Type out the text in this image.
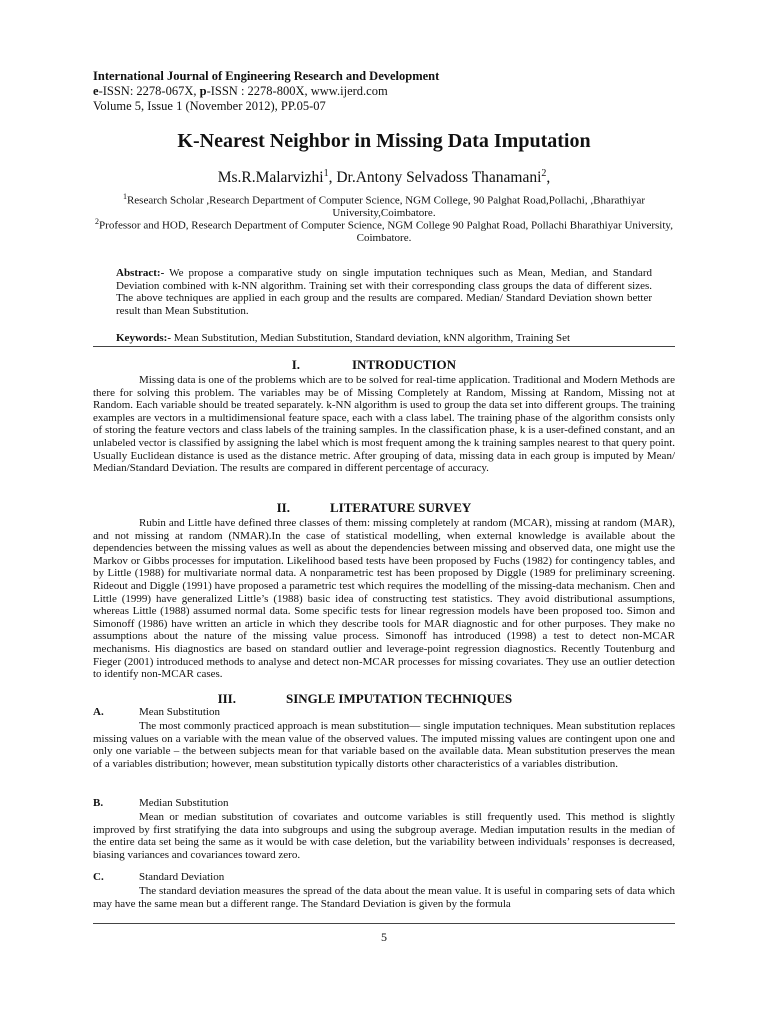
International Journal of Engineering Research and Development
e-ISSN: 2278-067X, p-ISSN : 2278-800X, www.ijerd.com
Volume 5, Issue 1 (November 2012), PP.05-07
K-Nearest Neighbor in Missing Data Imputation
Ms.R.Malarvizhi$^1$, Dr.Antony Selvadoss Thanamani$^2$,
$^1$Research Scholar ,Research Department of Computer Science, NGM College, 90 Palghat Road,Pollachi, ,Bharathiyar University,Coimbatore.
$^2$Professor and HOD, Research Department of Computer Science, NGM College 90 Palghat Road, Pollachi Bharathiyar University, Coimbatore.
Abstract:- We propose a comparative study on single imputation techniques such as Mean, Median, and Standard Deviation combined with k-NN algorithm. Training set with their corresponding class groups the data of different sizes. The above techniques are applied in each group and the results are compared. Median/ Standard Deviation shown better result than Mean Substitution.
Keywords:- Mean Substitution, Median Substitution, Standard deviation, kNN algorithm, Training Set
I.	INTRODUCTION
Missing data is one of the problems which are to be solved for real-time application. Traditional and Modern Methods are there for solving this problem. The variables may be of Missing Completely at Random, Missing at Random, Missing not at Random. Each variable should be treated separately. k-NN algorithm is used to group the data set into different groups. The training examples are vectors in a multidimensional feature space, each with a class label. The training phase of the algorithm consists only of storing the feature vectors and class labels of the training samples. In the classification phase, k is a user-defined constant, and an unlabeled vector is classified by assigning the label which is most frequent among the k training samples nearest to that query point. Usually Euclidean distance is used as the distance metric. After grouping of data, missing data in each group is imputed by Mean/ Median/Standard Deviation. The results are compared in different percentage of accuracy.
II.	LITERATURE SURVEY
Rubin and Little have defined three classes of them: missing completely at random (MCAR), missing at random (MAR), and not missing at random (NMAR).In the case of statistical modelling, when external knowledge is available about the dependencies between the missing values as well as about the dependencies between missing and observed data, one might use the Markov or Gibbs processes for imputation. Likelihood based tests have been proposed by Fuchs (1982) for contingency tables, and by Little (1988) for multivariate normal data. A nonparametric test has been proposed by Diggle (1989 for preliminary screening. Rideout and Diggle (1991) have proposed a parametric test which requires the modelling of the missing-data mechanism. Chen and Little (1999) have generalized Little’s (1988) basic idea of constructing test statistics. They avoid distributional assumptions, whereas Little (1988) assumed normal data. Some specific tests for linear regression models have been proposed too. Simon and Simonoff (1986) have written an article in which they describe tools for MAR diagnostic and for other purposes. They make no assumptions about the nature of the missing value process. Simonoff has introduced (1998) a test to detect non-MCAR mechanisms. His diagnostics are based on standard outlier and leverage-point regression diagnostics. Recently Toutenburg and Fieger (2001) introduced methods to analyse and detect non-MCAR processes for missing covariates. They use an outlier detection to identify non-MCAR cases.
III.	SINGLE IMPUTATION TECHNIQUES
A.	Mean Substitution
The most commonly practiced approach is mean substitution— single imputation techniques. Mean substitution replaces missing values on a variable with the mean value of the observed values. The imputed missing values are contingent upon one and only one variable – the between subjects mean for that variable based on the available data. Mean substitution preserves the mean of a variables distribution; however, mean substitution typically distorts other characteristics of a variables distribution.
B.	Median Substitution
Mean or median substitution of covariates and outcome variables is still frequently used. This method is slightly improved by first stratifying the data into subgroups and using the subgroup average. Median imputation results in the median of the entire data set being the same as it would be with case deletion, but the variability between individuals’ responses is decreased, biasing variances and covariances toward zero.
C.	Standard Deviation
The standard deviation measures the spread of the data about the mean value. It is useful in comparing sets of data which may have the same mean but a different range. The Standard Deviation is given by the formula
5
